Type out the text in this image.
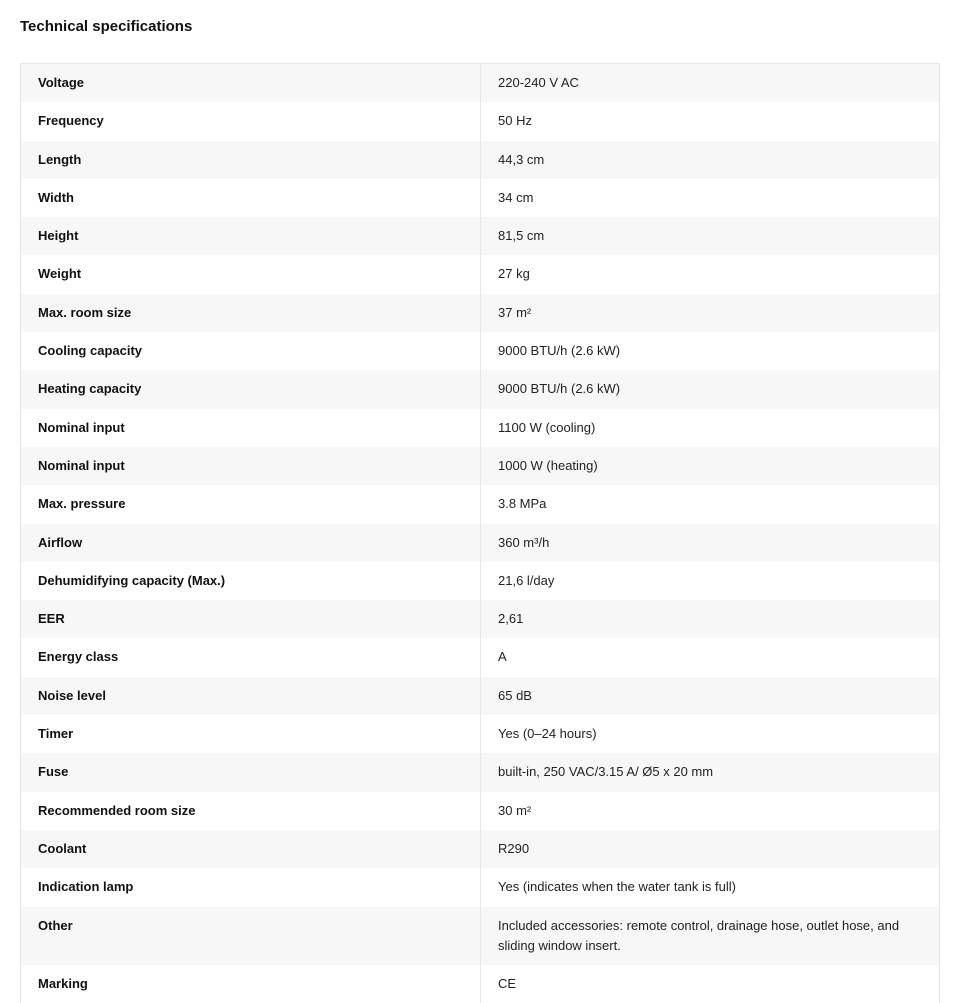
Technical specifications
Voltage	220-240 V AC
Frequency	50 Hz
Length	44,3 cm
Width	34 cm
Height	81,5 cm
Weight	27 kg
Max. room size	37 m²
Cooling capacity	9000 BTU/h (2.6 kW)
Heating capacity	9000 BTU/h (2.6 kW)
Nominal input	1100 W (cooling)
Nominal input	1000 W (heating)
Max. pressure	3.8 MPa
Airflow	360 m³/h
Dehumidifying capacity (Max.)	21,6 l/day
EER	2,61
Energy class	A
Noise level	65 dB
Timer	Yes (0–24 hours)
Fuse	built-in, 250 VAC/3.15 A/ Ø5 x 20 mm
Recommended room size	30 m²
Coolant	R290
Indication lamp	Yes (indicates when the water tank is full)
Other	Included accessories: remote control, drainage hose, outlet hose, and sliding window insert.
Marking	CE
